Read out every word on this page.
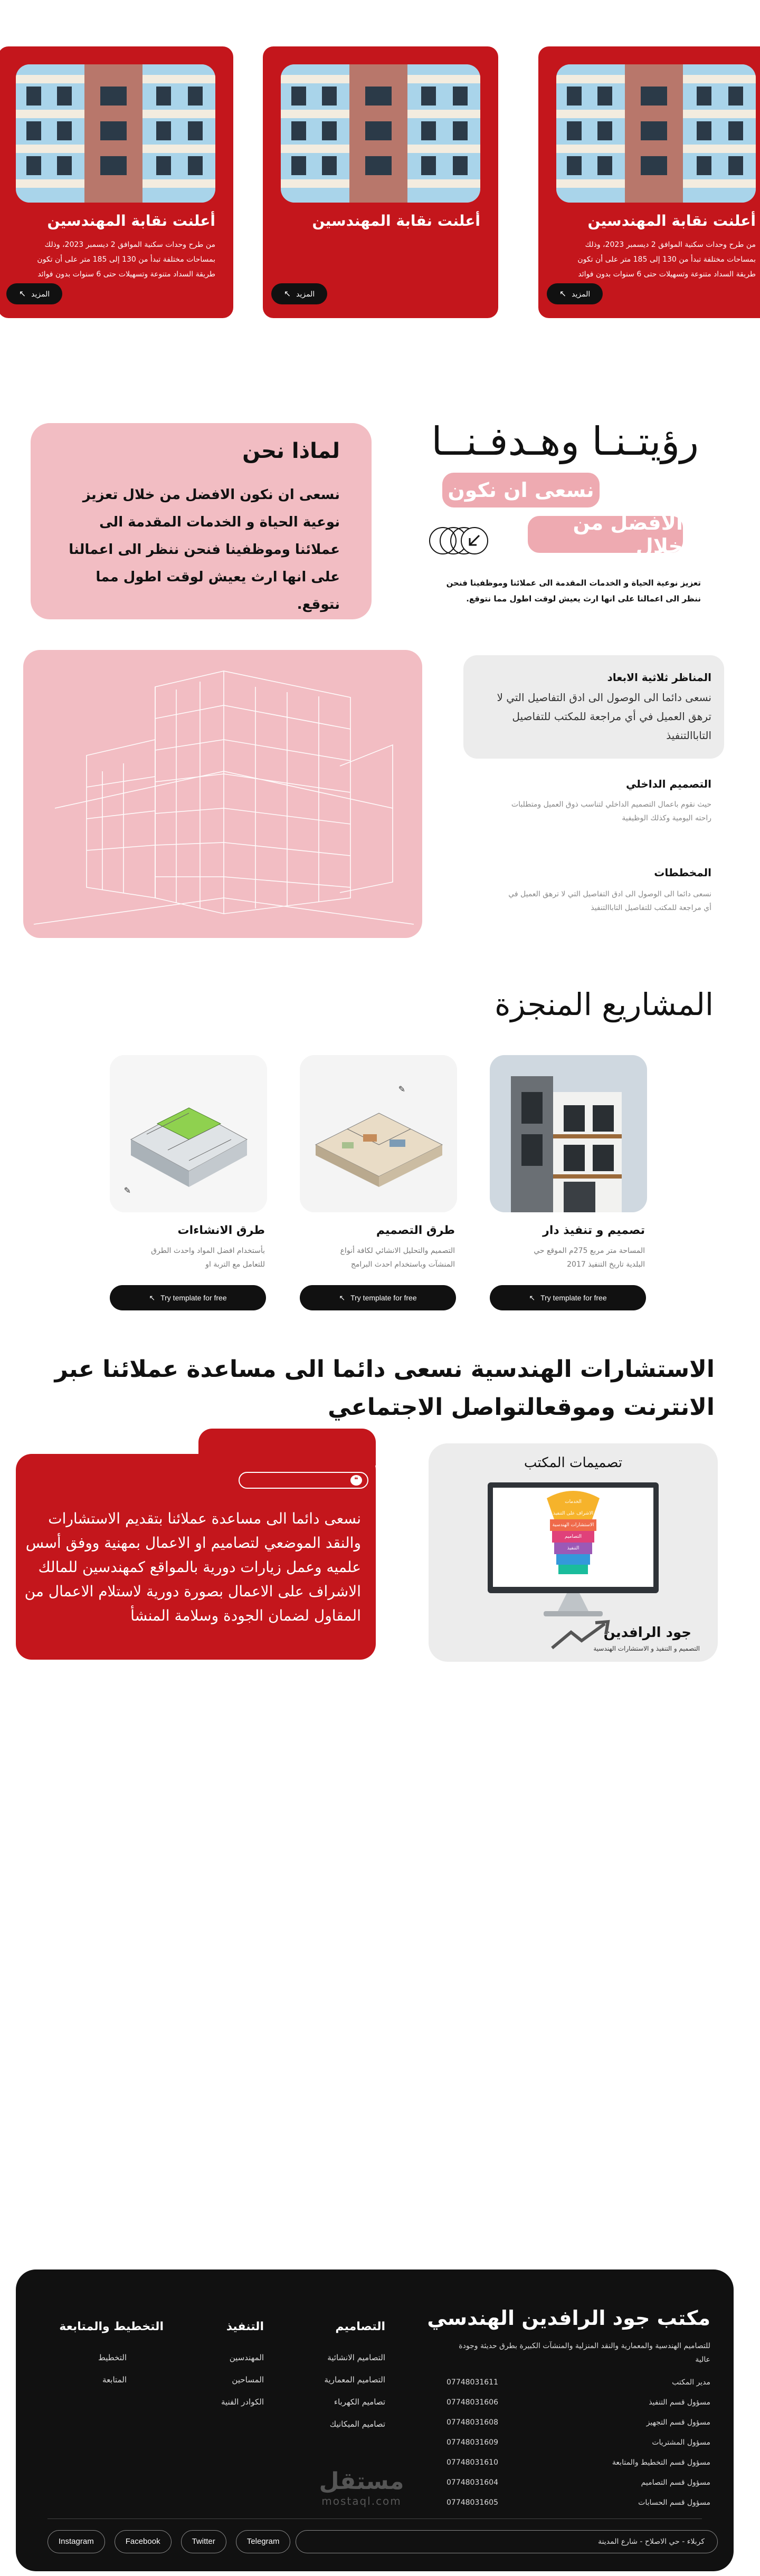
أعلنت نقابة المهندسين

من طرح وحدات سكنية الموافق 2 ديسمبر 2023، وذلك بمساحات مختلفة تبدأ من 130 إلى 185 متر على أن تكون طريقة السداد متنوعة وتسهيلات حتى 6 سنوات بدون فوائد

المزيد
↖
أعلنت نقابة المهندسين

المزيد
↖
أعلنت نقابة المهندسين

من طرح وحدات سكنية الموافق 2 ديسمبر 2023، وذلك بمساحات مختلفة تبدأ من 130 إلى 185 متر على أن تكون طريقة السداد متنوعة وتسهيلات حتى 6 سنوات بدون فوائد

المزيد
↖
لماذا نحن

نسعى ان نكون الافضل من خلال تعزيز نوعية الحياة و الخدمات المقدمة الى عملائنا وموظفينا فنحن ننظر الى اعمالنا على انها ارث يعيش لوقت اطول مما نتوقع.

رؤيتـنـا وهـدفـنــا
نسعى ان نكون
الافضل من خلال

تعزيز نوعية الحياة و الخدمات المقدمة الى عملائنا وموظفينا فنحن ننظر الى اعمالنا على انها ارث يعيش لوقت اطول مما نتوقع.

المناظر ثلاثية الابعاد

نسعى دائما الى الوصول الى ادق التفاصيل التي لا ترهق العميل في أي مراجعة للمكتب للتفاصيل التاباالتنفيذ

التصميم الداخلي

حيث نقوم باعمال التصميم الداخلي لتناسب ذوق العميل ومتطلبات راحته اليومية وكذلك الوظيفية

المخططات

نسعى دائما الى الوصول الى ادق التفاصيل التي لا ترهق العميل في أي مراجعة للمكتب للتفاصيل التاباالتنفيذ

المشاريع المنجزة
تصميم و تنفيذ دار

المساحة متر مربع 275م الموقع حي البلدية تاريخ التنفيذ 2017

↖ Try template for free
✎
طرق التصميم

التصميم والتحليل الانشائي لكافة أنواع المنشآت وباستخدام احدث البرامج

↖ Try template for free
✎
طرق الانشاءات

بأستخدام افضل المواد واحدث الطرق للتعامل مع التربة او

↖ Try template for free
الاستشارات الهندسية نسعى دائما الى مساعدة عملائنا عبر الانترنت وموقعالتواصل الاجتماعي
❝

نسعى دائما الى مساعدة عملائنا بتقديم الاستشارات والنقد الموضعي لتصاميم او الاعمال بمهنية ووفق أسس علميه وعمل زيارات دورية بالمواقع كمهندسين للمالك الاشراف على الاعمال بصورة دورية لاستلام الاعمال من المقاول لضمان الجودة وسلامة المنشأ

تصميمات المكتب
الخدمات
الاشراف على التنفيذ
الاستشارات الهندسية
التصاميم
التنفيذ
جود الرافدين
التصميم و التنفيذ و الاستشارات الهندسية
مكتب جود الرافدين الهندسي

للتصاميم الهندسية والمعمارية والنقد المنزلية والمنشآت الكبيرة بطرق حديثة وجودة عالية

مدير المكتب
07748031611
مسؤول قسم التنفيذ
07748031606
مسؤول قسم التجهيز
07748031608
مسؤول المشتريات
07748031609
مسؤول قسم التخطيط والمتابعة
07748031610
مسؤول قسم التصاميم
07748031604
مسؤول قسم الحسابات
07748031605
التصاميم
التصاميم الانشائية
التصاميم المعمارية
تصاميم الكهرباء
تصاميم الميكانيك
التنفيذ
المهندسين
المساحين
الكوادر الفنية
التخطيط والمتابعة
التخطيط
المتابعة
مستقل
mostaql.com
كربلاء - حي الاصلاح - شارع المدينة
Instagram	Facebook	Twitter	Telegram
